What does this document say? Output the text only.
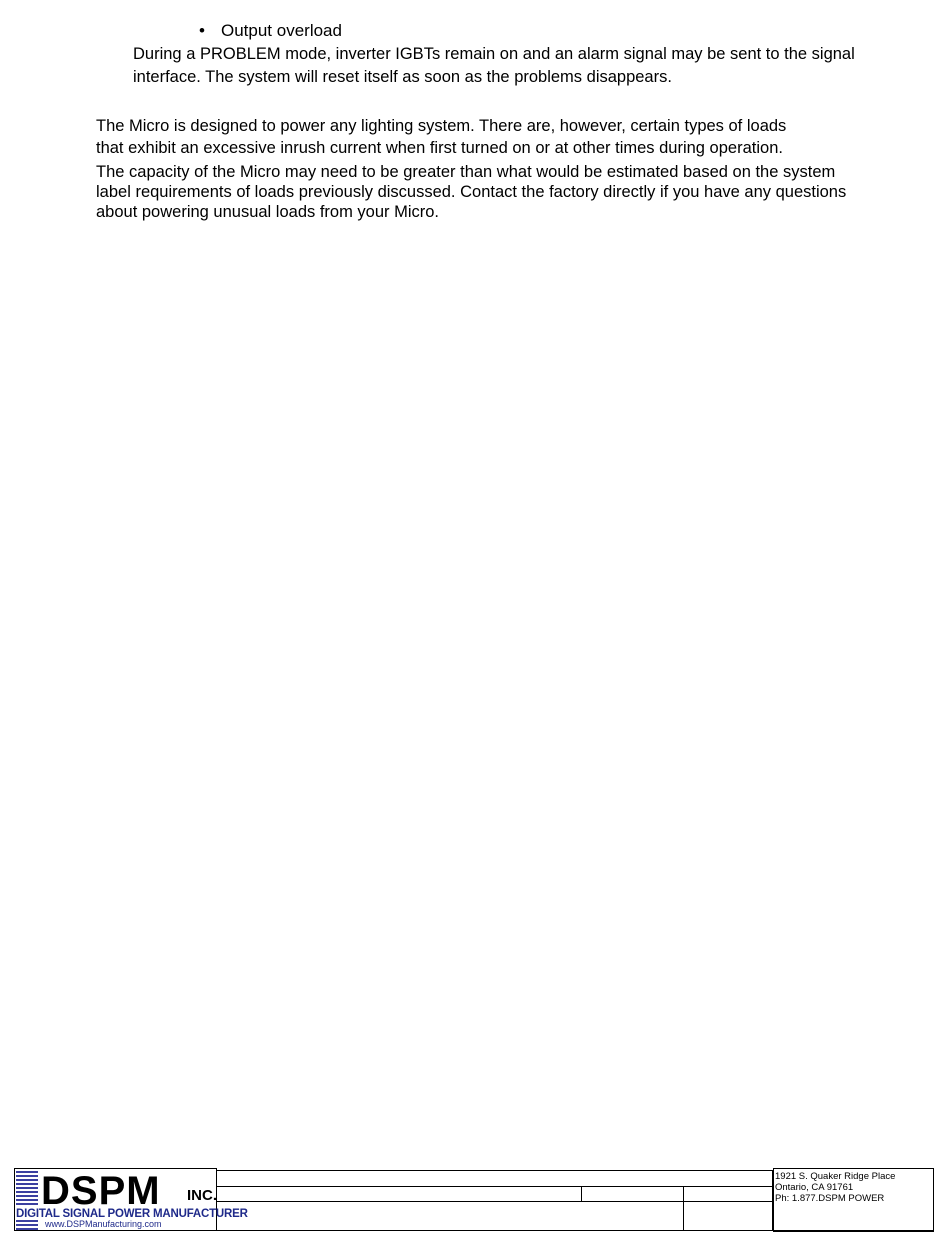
• Output overload
During a PROBLEM mode, inverter IGBTs remain on and an alarm signal may be sent to the signal
interface. The system will reset itself as soon as the problems disappears.
The Micro is designed to power any lighting system. There are, however, certain types of loads
that exhibit an excessive inrush current when first turned on or at other times during operation.
The capacity of the Micro may need to be greater than what would be estimated based on the system
label requirements of loads previously discussed. Contact the factory directly if you have any questions
about powering unusual loads from your Micro.
DSPM INC.
DIGITAL SIGNAL POWER MANUFACTURER
www.DSPManufacturing.com
1921 S. Quaker Ridge Place
Ontario, CA 91761
Ph: 1.877.DSPM POWER
